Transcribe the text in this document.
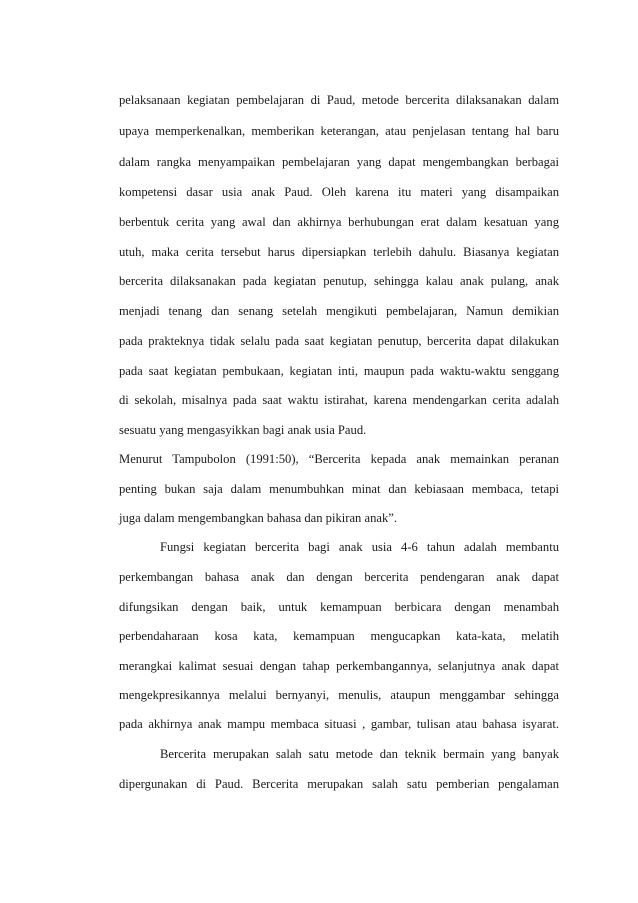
pelaksanaan kegiatan pembelajaran di Paud, metode bercerita dilaksanakan dalam
upaya memperkenalkan, memberikan keterangan, atau penjelasan tentang hal baru
dalam rangka menyampaikan pembelajaran yang dapat mengembangkan berbagai
kompetensi dasar usia anak Paud. Oleh karena itu materi yang disampaikan
berbentuk cerita yang awal dan akhirnya berhubungan erat dalam kesatuan yang
utuh, maka cerita tersebut harus dipersiapkan terlebih dahulu. Biasanya kegiatan
bercerita dilaksanakan pada kegiatan penutup, sehingga kalau anak pulang, anak
menjadi tenang dan senang setelah mengikuti pembelajaran, Namun demikian
pada prakteknya tidak selalu pada saat kegiatan penutup, bercerita dapat dilakukan
pada saat kegiatan pembukaan, kegiatan inti, maupun pada waktu-waktu senggang
di sekolah, misalnya pada saat waktu istirahat, karena mendengarkan cerita adalah
sesuatu yang mengasyikkan bagi anak usia Paud.
Menurut Tampubolon (1991:50), “Bercerita kepada anak memainkan peranan
penting bukan saja dalam menumbuhkan minat dan kebiasaan membaca, tetapi
juga dalam mengembangkan bahasa dan pikiran anak”.
Fungsi kegiatan bercerita bagi anak usia 4-6 tahun adalah membantu
perkembangan bahasa anak dan dengan bercerita pendengaran anak dapat
difungsikan dengan baik, untuk kemampuan berbicara dengan menambah
perbendaharaan kosa kata, kemampuan mengucapkan kata-kata, melatih
merangkai kalimat sesuai dengan tahap perkembangannya, selanjutnya anak dapat
mengekpresikannya melalui bernyanyi, menulis, ataupun menggambar sehingga
pada akhirnya anak mampu membaca situasi , gambar, tulisan atau bahasa isyarat.
Bercerita merupakan salah satu metode dan teknik bermain yang banyak
dipergunakan di Paud. Bercerita merupakan salah satu pemberian pengalaman
